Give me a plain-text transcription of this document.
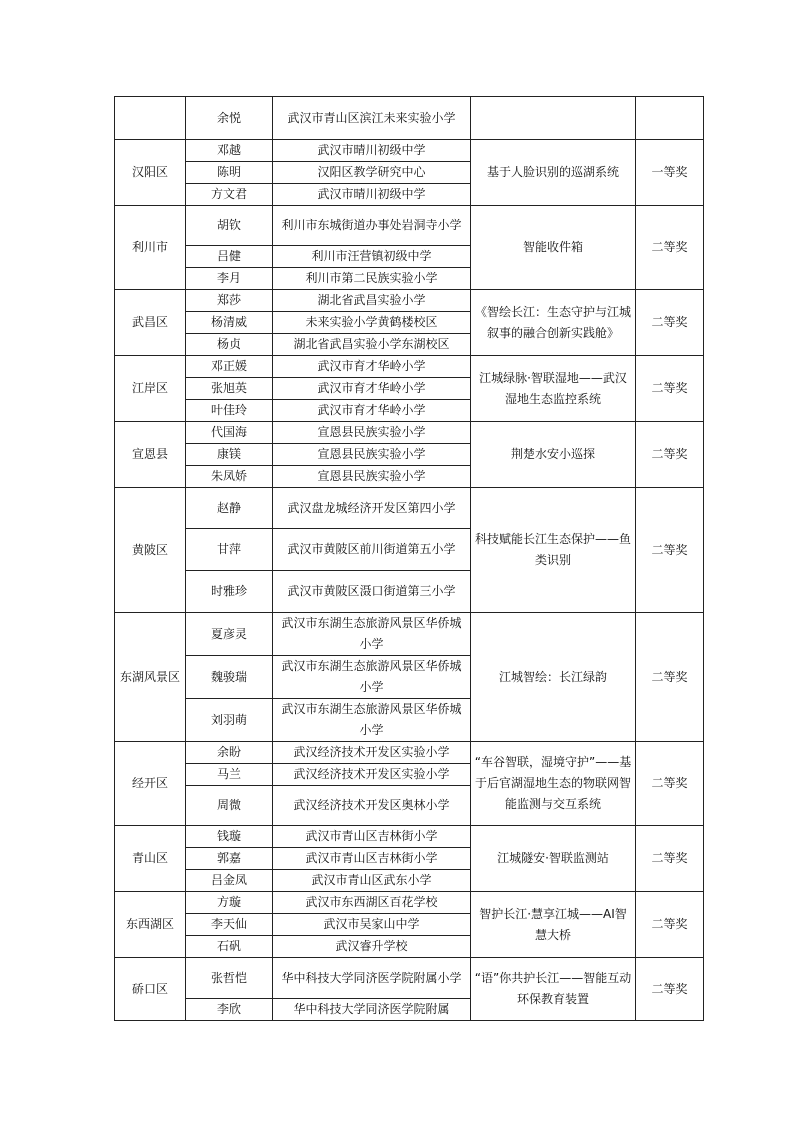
	余悦	武汉市青山区滨江未来实验小学		
汉阳区	邓越	武汉市晴川初级中学	基于人脸识别的巡湖系统	一等奖
	陈明	汉阳区教学研究中心		
	方文君	武汉市晴川初级中学		
利川市	胡钦	利川市东城街道办事处岩洞寺小学	智能收件箱	二等奖
	吕健	利川市汪营镇初级中学		
	李月	利川市第二民族实验小学		
武昌区	郑莎	湖北省武昌实验小学	《智绘长江：生态守护与江城叙事的融合创新实践舱》	二等奖
	杨清威	未来实验小学黄鹤楼校区		
	杨贞	湖北省武昌实验小学东湖校区		
江岸区	邓正媛	武汉市育才华岭小学	江城绿脉·智联湿地——武汉湿地生态监控系统	二等奖
	张旭英	武汉市育才华岭小学		
	叶佳玲	武汉市育才华岭小学		
宣恩县	代国海	宣恩县民族实验小学	荆楚水安小巡探	二等奖
	康镁	宣恩县民族实验小学		
	朱凤娇	宣恩县民族实验小学		
黄陂区	赵静	武汉盘龙城经济开发区第四小学	科技赋能长江生态保护——鱼类识别	二等奖
	甘萍	武汉市黄陂区前川街道第五小学		
	时雅珍	武汉市黄陂区滠口街道第三小学		
东湖风景区	夏彦灵	武汉市东湖生态旅游风景区华侨城小学	江城智绘：长江绿韵	二等奖
	魏骏瑞	武汉市东湖生态旅游风景区华侨城小学		
	刘羽萌	武汉市东湖生态旅游风景区华侨城小学		
经开区	余盼	武汉经济技术开发区实验小学	“车谷智联，湿境守护”——基于后官湖湿地生态的物联网智能监测与交互系统	二等奖
	马兰	武汉经济技术开发区实验小学		
	周微	武汉经济技术开发区奥林小学		
青山区	钱璇	武汉市青山区吉林街小学	江城隧安·智联监测站	二等奖
	郭嘉	武汉市青山区吉林街小学		
	吕金凤	武汉市青山区武东小学		
东西湖区	方璇	武汉市东西湖区百花学校	智护长江·慧享江城——AI智慧大桥	二等奖
	李天仙	武汉市吴家山中学		
	石矾	武汉睿升学校		
硚口区	张哲恺	华中科技大学同济医学院附属小学	“语”你共护长江——智能互动环保教育装置	二等奖
	李欣	华中科技大学同济医学院附属		
